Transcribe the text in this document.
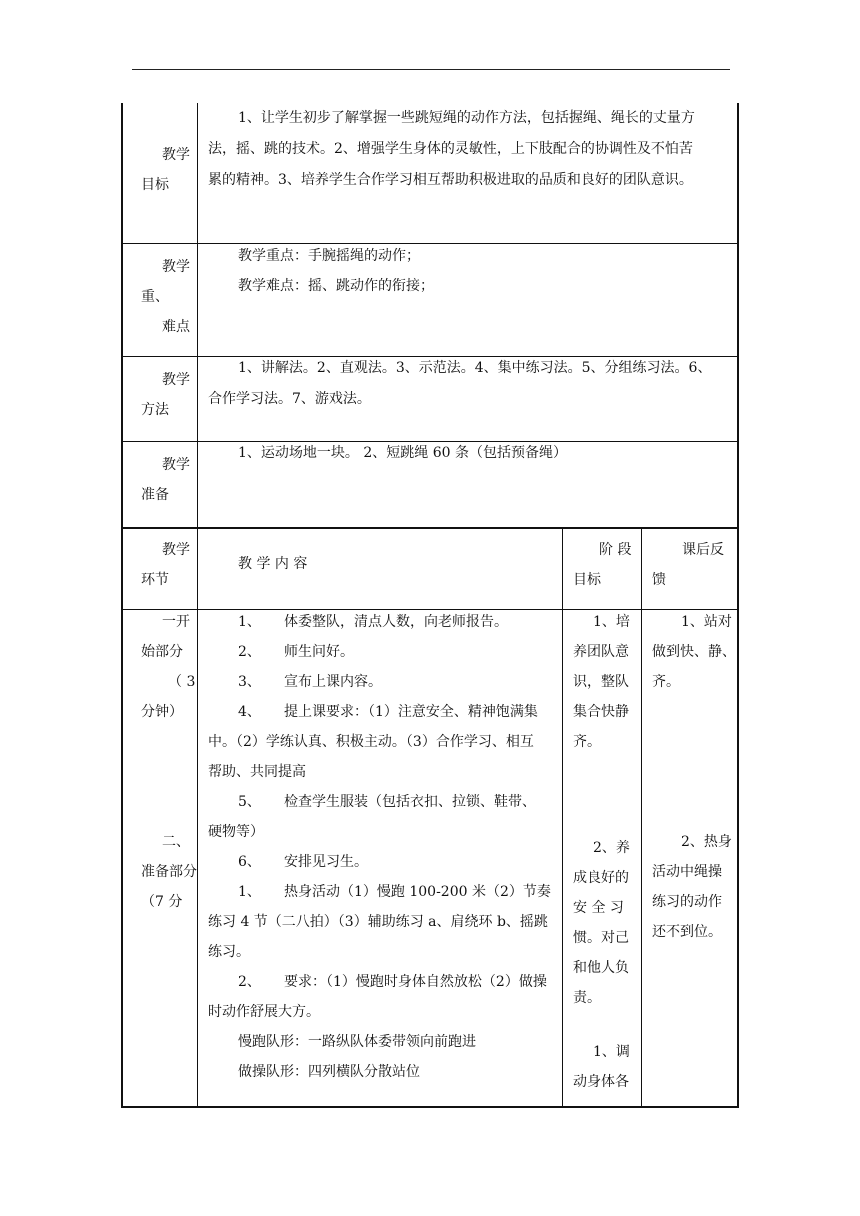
教学
目标
1、让学生初步了解掌握一些跳短绳的动作方法，包括握绳、绳长的丈量方
法，摇、跳的技术。2、增强学生身体的灵敏性，上下肢配合的协调性及不怕苦
累的精神。3、培养学生合作学习相互帮助积极进取的品质和良好的团队意识。
教学
重、
难点
教学重点：手腕摇绳的动作；
教学难点：摇、跳动作的衔接；
教学
方法
1、讲解法。2、直观法。3、示范法。4、集中练习法。5、分组练习法。6、
合作学习法。7、游戏法。
教学
准备
1、运动场地一块。 2、短跳绳 60 条（包括预备绳）
教学
环节
教 学 内 容
阶 段
目标
课后反
馈
一开
始部分
（ 3
分钟）
二、
准备部分
（7 分
1、 体委整队，清点人数，向老师报告。
2、 师生问好。
3、 宣布上课内容。
4、 提上课要求：（1）注意安全、精神饱满集
中。（2）学练认真、积极主动。（3）合作学习、相互
帮助、共同提高
5、 检查学生服装（包括衣扣、拉锁、鞋带、
硬物等）
6、 安排见习生。
1、 热身活动（1）慢跑 100-200 米（2）节奏
练习 4 节（二八拍）（3）辅助练习 a、肩绕环 b、摇跳
练习。
2、 要求：（1）慢跑时身体自然放松（2）做操
时动作舒展大方。
慢跑队形：一路纵队体委带领向前跑进
做操队形：四列横队分散站位
1、培
养团队意
识，整队
集合快静
齐。
2、养
成良好的
安 全 习
惯。对己
和他人负
责。
1、调
动身体各
1、站对
做到快、静、
齐。
2、热身
活动中绳操
练习的动作
还不到位。
